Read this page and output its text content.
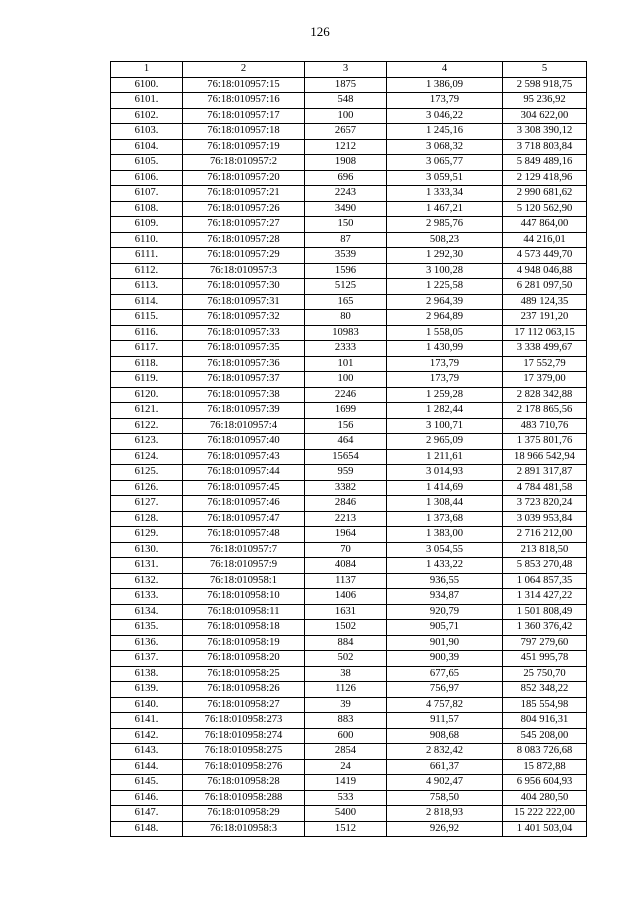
126
1	2	3	4	5
6100.	76:18:010957:15	1875	1 386,09	2 598 918,75
6101.	76:18:010957:16	548	173,79	95 236,92
6102.	76:18:010957:17	100	3 046,22	304 622,00
6103.	76:18:010957:18	2657	1 245,16	3 308 390,12
6104.	76:18:010957:19	1212	3 068,32	3 718 803,84
6105.	76:18:010957:2	1908	3 065,77	5 849 489,16
6106.	76:18:010957:20	696	3 059,51	2 129 418,96
6107.	76:18:010957:21	2243	1 333,34	2 990 681,62
6108.	76:18:010957:26	3490	1 467,21	5 120 562,90
6109.	76:18:010957:27	150	2 985,76	447 864,00
6110.	76:18:010957:28	87	508,23	44 216,01
6111.	76:18:010957:29	3539	1 292,30	4 573 449,70
6112.	76:18:010957:3	1596	3 100,28	4 948 046,88
6113.	76:18:010957:30	5125	1 225,58	6 281 097,50
6114.	76:18:010957:31	165	2 964,39	489 124,35
6115.	76:18:010957:32	80	2 964,89	237 191,20
6116.	76:18:010957:33	10983	1 558,05	17 112 063,15
6117.	76:18:010957:35	2333	1 430,99	3 338 499,67
6118.	76:18:010957:36	101	173,79	17 552,79
6119.	76:18:010957:37	100	173,79	17 379,00
6120.	76:18:010957:38	2246	1 259,28	2 828 342,88
6121.	76:18:010957:39	1699	1 282,44	2 178 865,56
6122.	76:18:010957:4	156	3 100,71	483 710,76
6123.	76:18:010957:40	464	2 965,09	1 375 801,76
6124.	76:18:010957:43	15654	1 211,61	18 966 542,94
6125.	76:18:010957:44	959	3 014,93	2 891 317,87
6126.	76:18:010957:45	3382	1 414,69	4 784 481,58
6127.	76:18:010957:46	2846	1 308,44	3 723 820,24
6128.	76:18:010957:47	2213	1 373,68	3 039 953,84
6129.	76:18:010957:48	1964	1 383,00	2 716 212,00
6130.	76:18:010957:7	70	3 054,55	213 818,50
6131.	76:18:010957:9	4084	1 433,22	5 853 270,48
6132.	76:18:010958:1	1137	936,55	1 064 857,35
6133.	76:18:010958:10	1406	934,87	1 314 427,22
6134.	76:18:010958:11	1631	920,79	1 501 808,49
6135.	76:18:010958:18	1502	905,71	1 360 376,42
6136.	76:18:010958:19	884	901,90	797 279,60
6137.	76:18:010958:20	502	900,39	451 995,78
6138.	76:18:010958:25	38	677,65	25 750,70
6139.	76:18:010958:26	1126	756,97	852 348,22
6140.	76:18:010958:27	39	4 757,82	185 554,98
6141.	76:18:010958:273	883	911,57	804 916,31
6142.	76:18:010958:274	600	908,68	545 208,00
6143.	76:18:010958:275	2854	2 832,42	8 083 726,68
6144.	76:18:010958:276	24	661,37	15 872,88
6145.	76:18:010958:28	1419	4 902,47	6 956 604,93
6146.	76:18:010958:288	533	758,50	404 280,50
6147.	76:18:010958:29	5400	2 818,93	15 222 222,00
6148.	76:18:010958:3	1512	926,92	1 401 503,04
